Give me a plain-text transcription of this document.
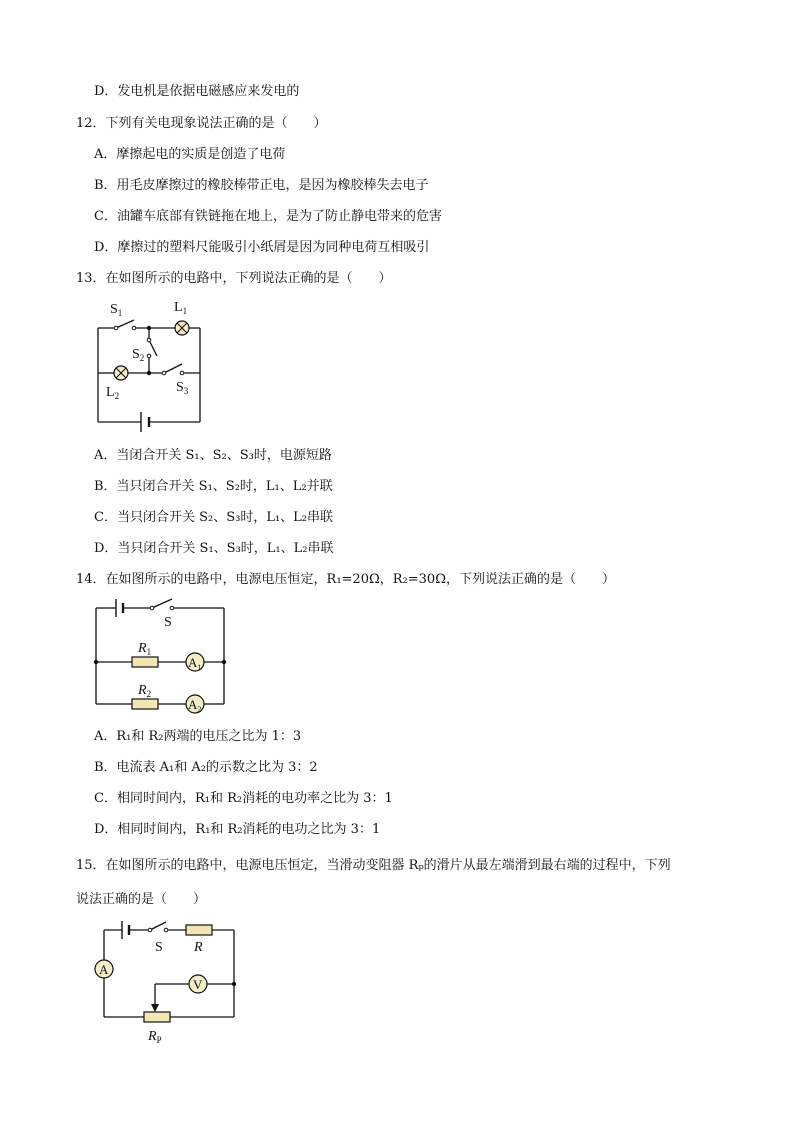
D．发电机是依据电磁感应来发电的
12．下列有关电现象说法正确的是（　　）
A．摩擦起电的实质是创造了电荷
B．用毛皮摩擦过的橡胶棒带正电，是因为橡胶棒失去电子
C．油罐车底部有铁链拖在地上，是为了防止静电带来的危害
D．摩擦过的塑料尺能吸引小纸屑是因为同种电荷互相吸引
13．在如图所示的电路中，下列说法正确的是（　　）
$S_1$	$L_1$
$S_2$
$L_2$
$S_3$
A．当闭合开关 S₁、S₂、S₃时，电源短路
B．当只闭合开关 S₁、S₂时，L₁、L₂并联
C．当只闭合开关 S₂、S₃时，L₁、L₂串联
D．当只闭合开关 S₁、S₃时，L₁、L₂串联
14．在如图所示的电路中，电源电压恒定，R₁=20Ω，R₂=30Ω，下列说法正确的是（　　）
$A_1$
$A_2$
S
$R_1$
$R_2$
A．R₁和 R₂两端的电压之比为 1：3
B．电流表 A₁和 A₂的示数之比为 3：2
C．相同时间内，R₁和 R₂消耗的电功率之比为 3：1
D．相同时间内，R₁和 R₂消耗的电功之比为 3：1
15．在如图所示的电路中，电源电压恒定，当滑动变阻器 Rₚ的滑片从最左端滑到最右端的过程中，下列
说法正确的是（　　）
A
V
S R
$R_P$
